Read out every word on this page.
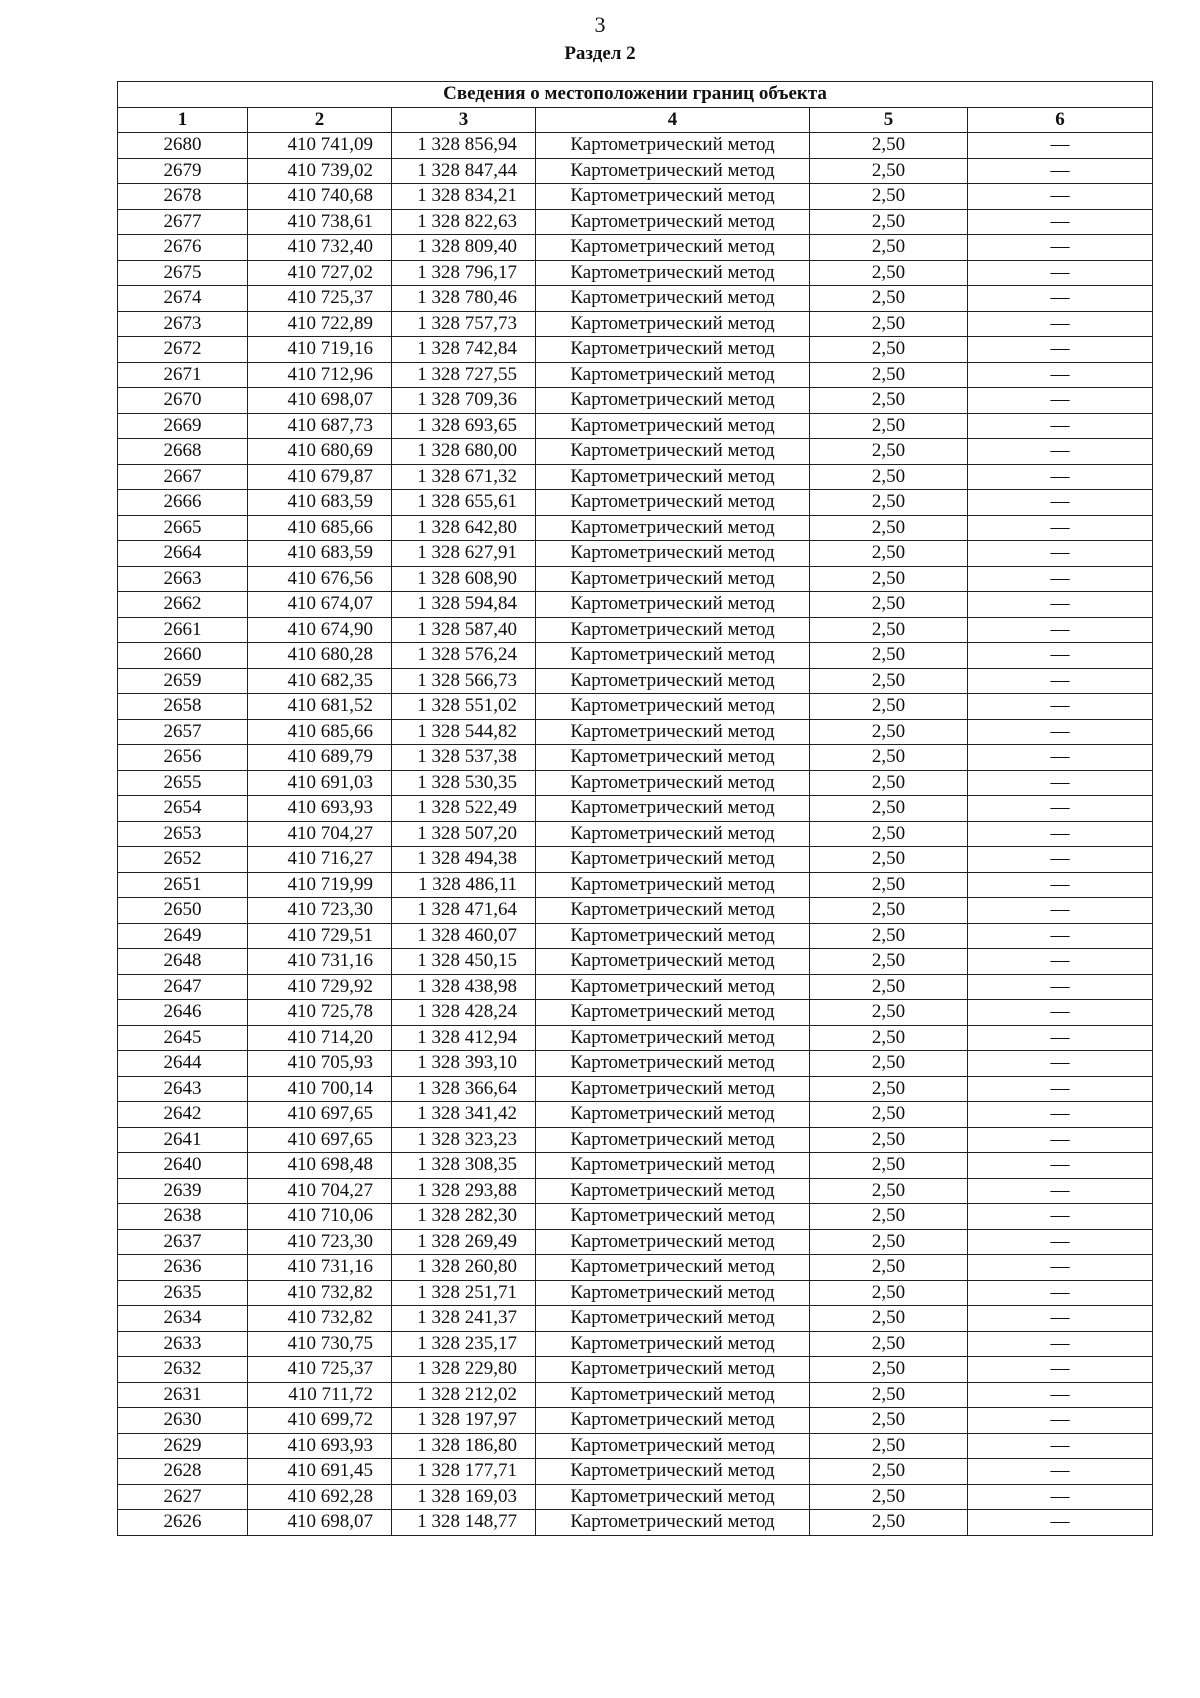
3
Раздел 2
Сведения о местоположении границ объекта					
1	2	3	4	5	6
2680	410 741,09	1 328 856,94	Картометрический метод	2,50	—
2679	410 739,02	1 328 847,44	Картометрический метод	2,50	—
2678	410 740,68	1 328 834,21	Картометрический метод	2,50	—
2677	410 738,61	1 328 822,63	Картометрический метод	2,50	—
2676	410 732,40	1 328 809,40	Картометрический метод	2,50	—
2675	410 727,02	1 328 796,17	Картометрический метод	2,50	—
2674	410 725,37	1 328 780,46	Картометрический метод	2,50	—
2673	410 722,89	1 328 757,73	Картометрический метод	2,50	—
2672	410 719,16	1 328 742,84	Картометрический метод	2,50	—
2671	410 712,96	1 328 727,55	Картометрический метод	2,50	—
2670	410 698,07	1 328 709,36	Картометрический метод	2,50	—
2669	410 687,73	1 328 693,65	Картометрический метод	2,50	—
2668	410 680,69	1 328 680,00	Картометрический метод	2,50	—
2667	410 679,87	1 328 671,32	Картометрический метод	2,50	—
2666	410 683,59	1 328 655,61	Картометрический метод	2,50	—
2665	410 685,66	1 328 642,80	Картометрический метод	2,50	—
2664	410 683,59	1 328 627,91	Картометрический метод	2,50	—
2663	410 676,56	1 328 608,90	Картометрический метод	2,50	—
2662	410 674,07	1 328 594,84	Картометрический метод	2,50	—
2661	410 674,90	1 328 587,40	Картометрический метод	2,50	—
2660	410 680,28	1 328 576,24	Картометрический метод	2,50	—
2659	410 682,35	1 328 566,73	Картометрический метод	2,50	—
2658	410 681,52	1 328 551,02	Картометрический метод	2,50	—
2657	410 685,66	1 328 544,82	Картометрический метод	2,50	—
2656	410 689,79	1 328 537,38	Картометрический метод	2,50	—
2655	410 691,03	1 328 530,35	Картометрический метод	2,50	—
2654	410 693,93	1 328 522,49	Картометрический метод	2,50	—
2653	410 704,27	1 328 507,20	Картометрический метод	2,50	—
2652	410 716,27	1 328 494,38	Картометрический метод	2,50	—
2651	410 719,99	1 328 486,11	Картометрический метод	2,50	—
2650	410 723,30	1 328 471,64	Картометрический метод	2,50	—
2649	410 729,51	1 328 460,07	Картометрический метод	2,50	—
2648	410 731,16	1 328 450,15	Картометрический метод	2,50	—
2647	410 729,92	1 328 438,98	Картометрический метод	2,50	—
2646	410 725,78	1 328 428,24	Картометрический метод	2,50	—
2645	410 714,20	1 328 412,94	Картометрический метод	2,50	—
2644	410 705,93	1 328 393,10	Картометрический метод	2,50	—
2643	410 700,14	1 328 366,64	Картометрический метод	2,50	—
2642	410 697,65	1 328 341,42	Картометрический метод	2,50	—
2641	410 697,65	1 328 323,23	Картометрический метод	2,50	—
2640	410 698,48	1 328 308,35	Картометрический метод	2,50	—
2639	410 704,27	1 328 293,88	Картометрический метод	2,50	—
2638	410 710,06	1 328 282,30	Картометрический метод	2,50	—
2637	410 723,30	1 328 269,49	Картометрический метод	2,50	—
2636	410 731,16	1 328 260,80	Картометрический метод	2,50	—
2635	410 732,82	1 328 251,71	Картометрический метод	2,50	—
2634	410 732,82	1 328 241,37	Картометрический метод	2,50	—
2633	410 730,75	1 328 235,17	Картометрический метод	2,50	—
2632	410 725,37	1 328 229,80	Картометрический метод	2,50	—
2631	410 711,72	1 328 212,02	Картометрический метод	2,50	—
2630	410 699,72	1 328 197,97	Картометрический метод	2,50	—
2629	410 693,93	1 328 186,80	Картометрический метод	2,50	—
2628	410 691,45	1 328 177,71	Картометрический метод	2,50	—
2627	410 692,28	1 328 169,03	Картометрический метод	2,50	—
2626	410 698,07	1 328 148,77	Картометрический метод	2,50	—
